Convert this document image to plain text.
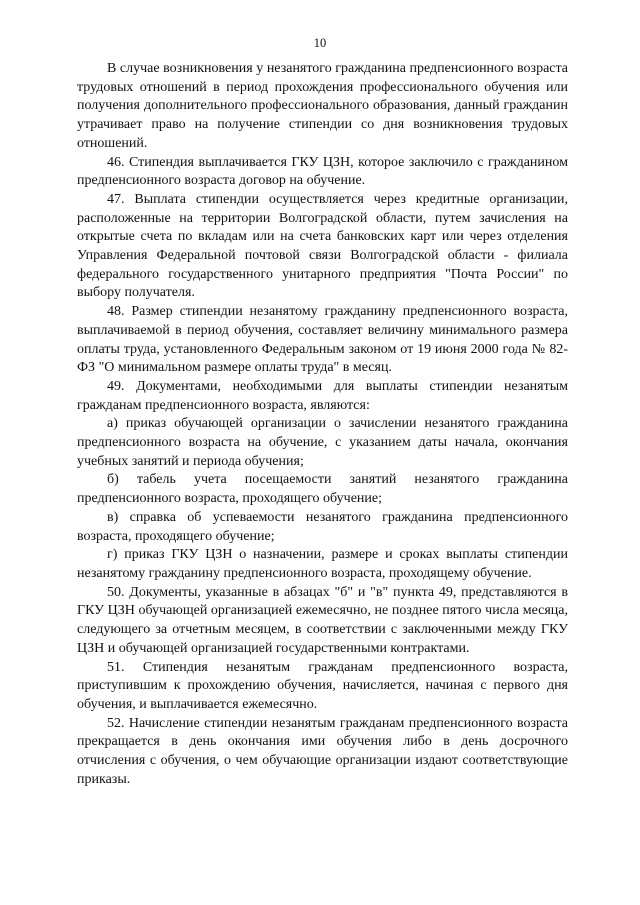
10

В случае возникновения у незанятого гражданина предпенсионного возраста трудовых отношений в период прохождения профессионального обучения или получения дополнительного профессионального образования, данный гражданин утрачивает право на получение стипендии со дня возникновения трудовых отношений.

46. Стипендия выплачивается ГКУ ЦЗН, которое заключило с гражданином предпенсионного возраста договор на обучение.

47. Выплата стипендии осуществляется через кредитные организации, расположенные на территории Волгоградской области, путем зачисления на открытые счета по вкладам или на счета банковских карт или через отделения Управления Федеральной почтовой связи Волгоградской области - филиала федерального государственного унитарного предприятия "Почта России" по выбору получателя.

48. Размер стипендии незанятому гражданину предпенсионного возраста, выплачиваемой в период обучения, составляет величину минимального размера оплаты труда, установленного Федеральным законом от 19 июня 2000 года № 82-ФЗ "О минимальном размере оплаты труда" в месяц.

49. Документами, необходимыми для выплаты стипендии незанятым гражданам предпенсионного возраста, являются:

а) приказ обучающей организации о зачислении незанятого гражданина предпенсионного возраста на обучение, с указанием даты начала, окончания учебных занятий и периода обучения;

б) табель учета посещаемости занятий незанятого гражданина предпенсионного возраста, проходящего обучение;

в) справка об успеваемости незанятого гражданина предпенсионного возраста, проходящего обучение;

г) приказ ГКУ ЦЗН о назначении, размере и сроках выплаты стипендии незанятому гражданину предпенсионного возраста, проходящему обучение.

50. Документы, указанные в абзацах "б" и "в" пункта 49, представляются в ГКУ ЦЗН обучающей организацией ежемесячно, не позднее пятого числа месяца, следующего за отчетным месяцем, в соответствии с заключенными между ГКУ ЦЗН и обучающей организацией государственными контрактами.

51. Стипендия незанятым гражданам предпенсионного возраста, приступившим к прохождению обучения, начисляется, начиная с первого дня обучения, и выплачивается ежемесячно.

52. Начисление стипендии незанятым гражданам предпенсионного возраста прекращается в день окончания ими обучения либо в день досрочного отчисления с обучения, о чем обучающие организации издают соответствующие приказы.
